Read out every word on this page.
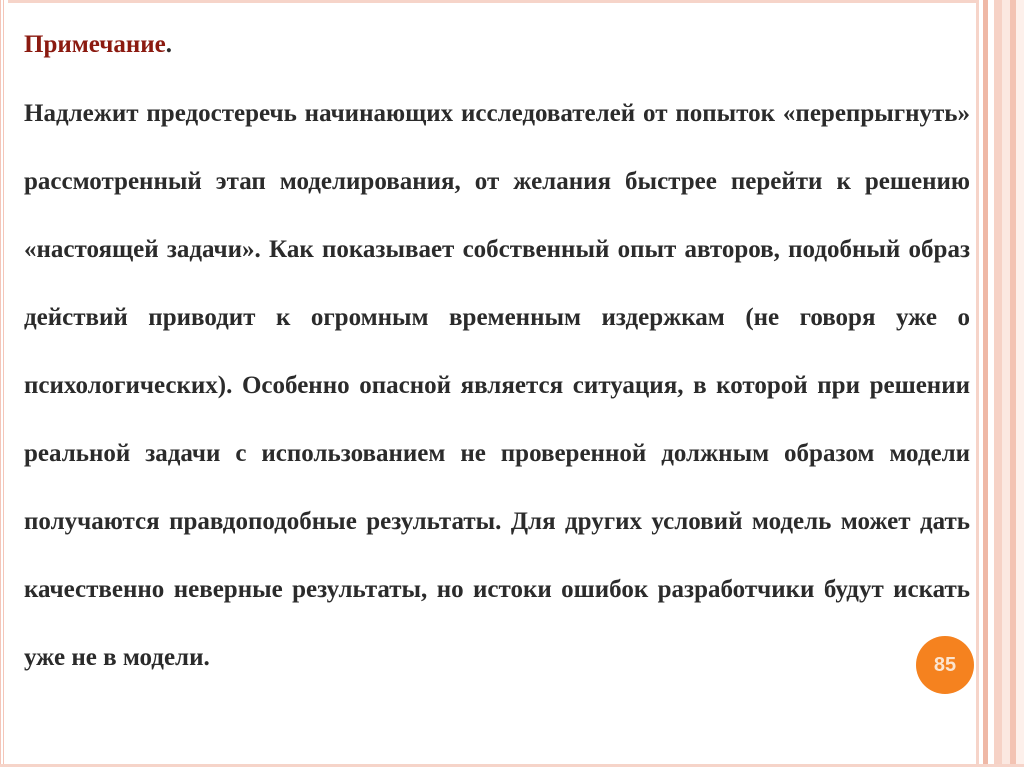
85

Примечание.

Надлежит предостеречь начинающих исследователей от попыток «перепрыгнуть» рассмотренный этап моделирования, от желания быстрее перейти к решению «настоящей задачи». Как показывает собственный опыт авторов, подобный образ действий приводит к огромным временным издержкам (не говоря уже о психологических). Особенно опасной является ситуация, в которой при решении реальной задачи с использованием не проверенной должным образом модели получаются правдоподобные результаты. Для других условий модель может дать качественно неверные результаты, но истоки ошибок разработчики будут искать уже не в модели.
